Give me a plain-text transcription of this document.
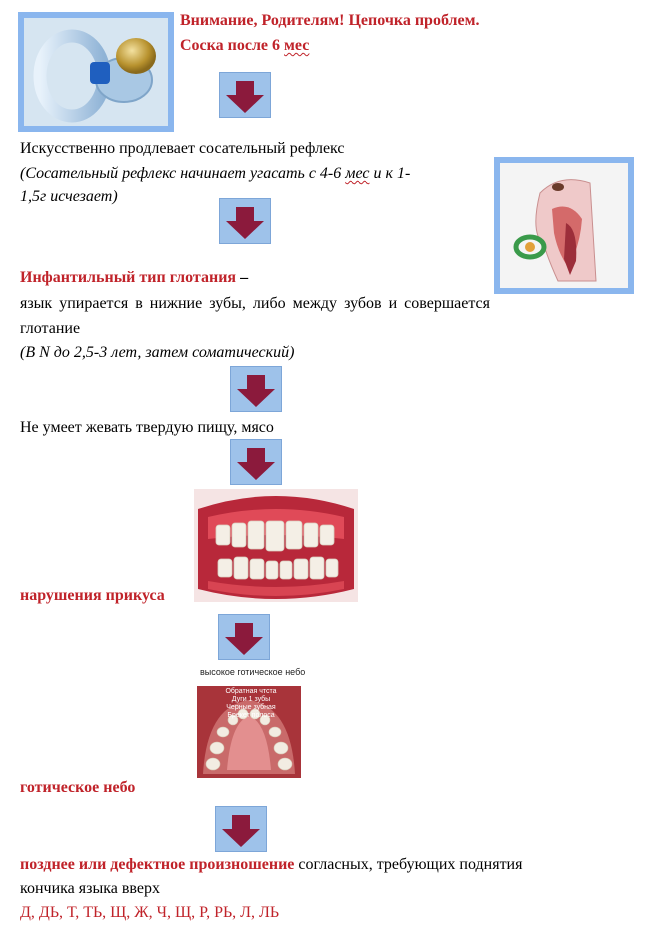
Внимание, Родителям! Цепочка проблем.
Соска после 6 мес
Искусственно продлевает сосательный рефлекс
(Сосательный рефлекс начинает угасать с 4-6 мес и к 1-
1,5г исчезает)
Инфантильный тип глотания –
язык упирается в нижние зубы, либо между зубов и совершается глотание
(В N до 2,5-3 лет, затем соматический)
Не умеет жевать твердую пищу, мясо
нарушения прикуса
высокое готическое небо
Обратная чтста
Дуги 1 зубы
Черные зубная
Брекет полоса
готическое небо
позднее или дефектное произношение согласных, требующих поднятия
кончика языка вверх
Д, ДЬ, Т, ТЬ, Щ, Ж, Ч, Щ, Р, РЬ, Л, ЛЬ
